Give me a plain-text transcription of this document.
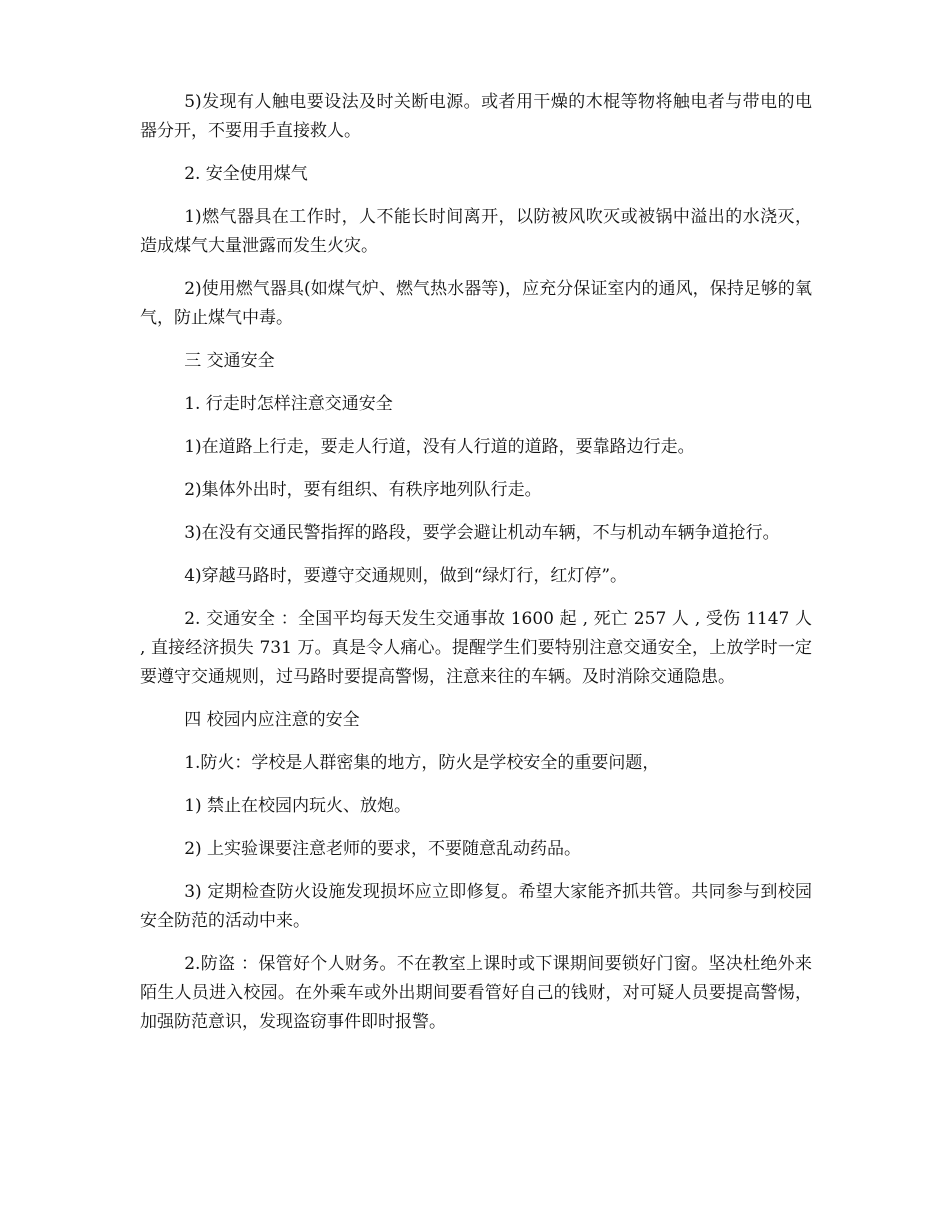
5)发现有人触电要设法及时关断电源。或者用干燥的木棍等物将触电者与带电的电器分开，不要用手直接救人。

2. 安全使用煤气

1)燃气器具在工作时，人不能长时间离开，以防被风吹灭或被锅中溢出的水浇灭，造成煤气大量泄露而发生火灾。

2)使用燃气器具(如煤气炉、燃气热水器等)，应充分保证室内的通风，保持足够的氧气，防止煤气中毒。

三 交通安全

1. 行走时怎样注意交通安全

1)在道路上行走，要走人行道，没有人行道的道路，要靠路边行走。

2)集体外出时，要有组织、有秩序地列队行走。

3)在没有交通民警指挥的路段，要学会避让机动车辆，不与机动车辆争道抢行。

4)穿越马路时，要遵守交通规则，做到“绿灯行，红灯停”。

2. 交通安全 ：全国平均每天发生交通事故 1600 起 , 死亡 257 人 , 受伤 1147 人 , 直接经济损失 731 万。真是令人痛心。提醒学生们要特别注意交通安全，上放学时一定要遵守交通规则，过马路时要提高警惕，注意来往的车辆。及时消除交通隐患。

四 校园内应注意的安全

1.防火：学校是人群密集的地方，防火是学校安全的重要问题，

1) 禁止在校园内玩火、放炮。

2) 上实验课要注意老师的要求，不要随意乱动药品。

3) 定期检查防火设施发现损坏应立即修复。希望大家能齐抓共管。共同参与到校园安全防范的活动中来。

2.防盗 ：保管好个人财务。不在教室上课时或下课期间要锁好门窗。坚决杜绝外来陌生人员进入校园。在外乘车或外出期间要看管好自己的钱财，对可疑人员要提高警惕，加强防范意识，发现盗窃事件即时报警。
